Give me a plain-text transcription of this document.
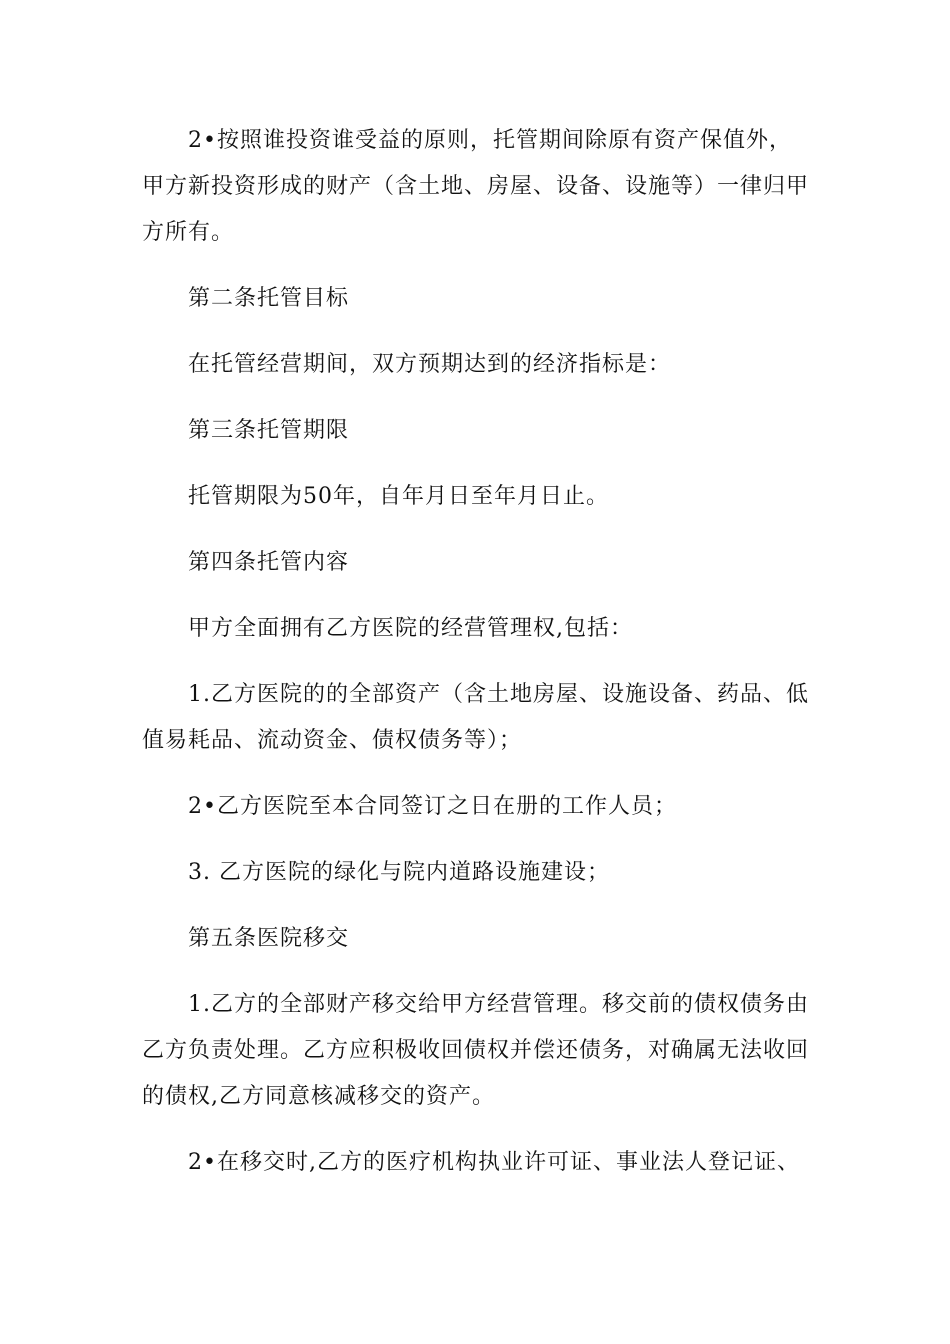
2•按照谁投资谁受益的原则，托管期间除原有资产保值外，甲方新投资形成的财产（含土地、房屋、设备、设施等）一律归甲方所有。

第二条托管目标

在托管经营期间，双方预期达到的经济指标是：

第三条托管期限

托管期限为50年，自年月日至年月日止。

第四条托管内容

甲方全面拥有乙方医院的经营管理权,包括：

1.乙方医院的的全部资产（含土地房屋、设施设备、药品、低值易耗品、流动资金、债权债务等）；

2•乙方医院至本合同签订之日在册的工作人员；

3. 乙方医院的绿化与院内道路设施建设；

第五条医院移交

1.乙方的全部财产移交给甲方经营管理。移交前的债权债务由乙方负责处理。乙方应积极收回债权并偿还债务，对确属无法收回的债权,乙方同意核减移交的资产。

2•在移交时,乙方的医疗机构执业许可证、事业法人登记证、
